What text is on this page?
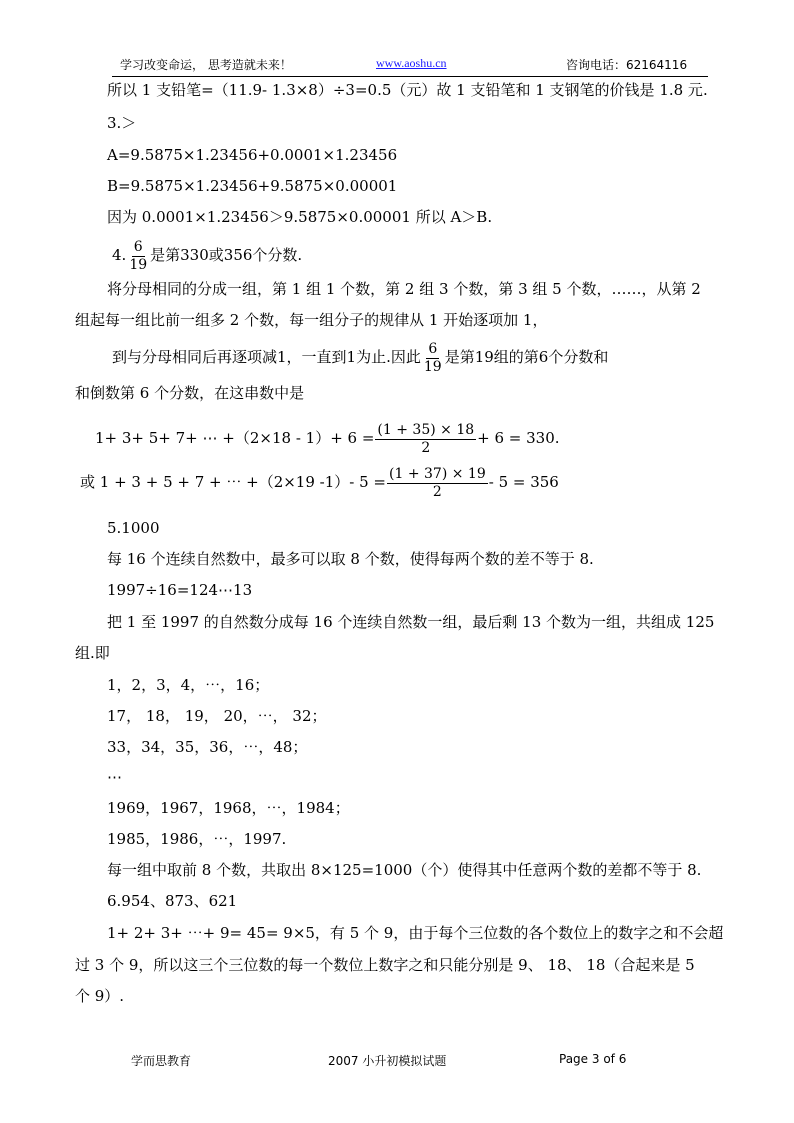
学习改变命运， 思考造就未来！	www.aoshu.cn	咨询电话：62164116
所以 1 支铅笔=（11.9- 1.3×8）÷3=0.5（元）故 1 支铅笔和 1 支钢笔的价钱是 1.8 元.
3.＞
A=9.5875×1.23456+0.0001×1.23456
B=9.5875×1.23456+9.5875×0.00001
因为 0.0001×1.23456＞9.5875×0.00001 所以 A＞B.
4. $\frac{6}{19}$ 是第330或356个分数.
将分母相同的分成一组，第 1 组 1 个数，第 2 组 3 个数，第 3 组 5 个数，……，从第 2
组起每一组比前一组多 2 个数，每一组分子的规律从 1 开始逐项加 1，
到与分母相同后再逐项减1，一直到1为止.因此 $\frac{6}{19}$ 是第19组的第6个分数和
和倒数第 6 个分数，在这串数中是
1+ 3+ 5+ 7+ ⋯ $+(2\times 18 - 1)+ 6 = \frac{(1 + 35) \times 18}{2} + 6 = 330$.
或 1 + 3 + 5 + 7 + ⋯ +（2×19 -1）- $5 = \frac{(1 + 37) \times 19}{2} - 5 = 356$
5.1000
每 16 个连续自然数中，最多可以取 8 个数，使得每两个数的差不等于 8.
1997÷16=124⋯13
把 1 至 1997 的自然数分成每 16 个连续自然数一组，最后剩 13 个数为一组，共组成 125
组.即
1，2，3，4，⋯，16；
17， 18， 19， 20，⋯， 32；
33，34，35，36，⋯，48；
⋯
1969，1967，1968，⋯，1984；
1985，1986，⋯，1997.
每一组中取前 8 个数，共取出 8×125=1000（个）使得其中任意两个数的差都不等于 8.
6.954、873、621
1+ 2+ 3+ ⋯+ 9= 45= 9×5，有 5 个 9，由于每个三位数的各个数位上的数字之和不会超
过 3 个 9，所以这三个三位数的每一个数位上数字之和只能分别是 9、 18、 18（合起来是 5
个 9）.
学而思教育	2007 小升初模拟试题	Page 3 of 6
